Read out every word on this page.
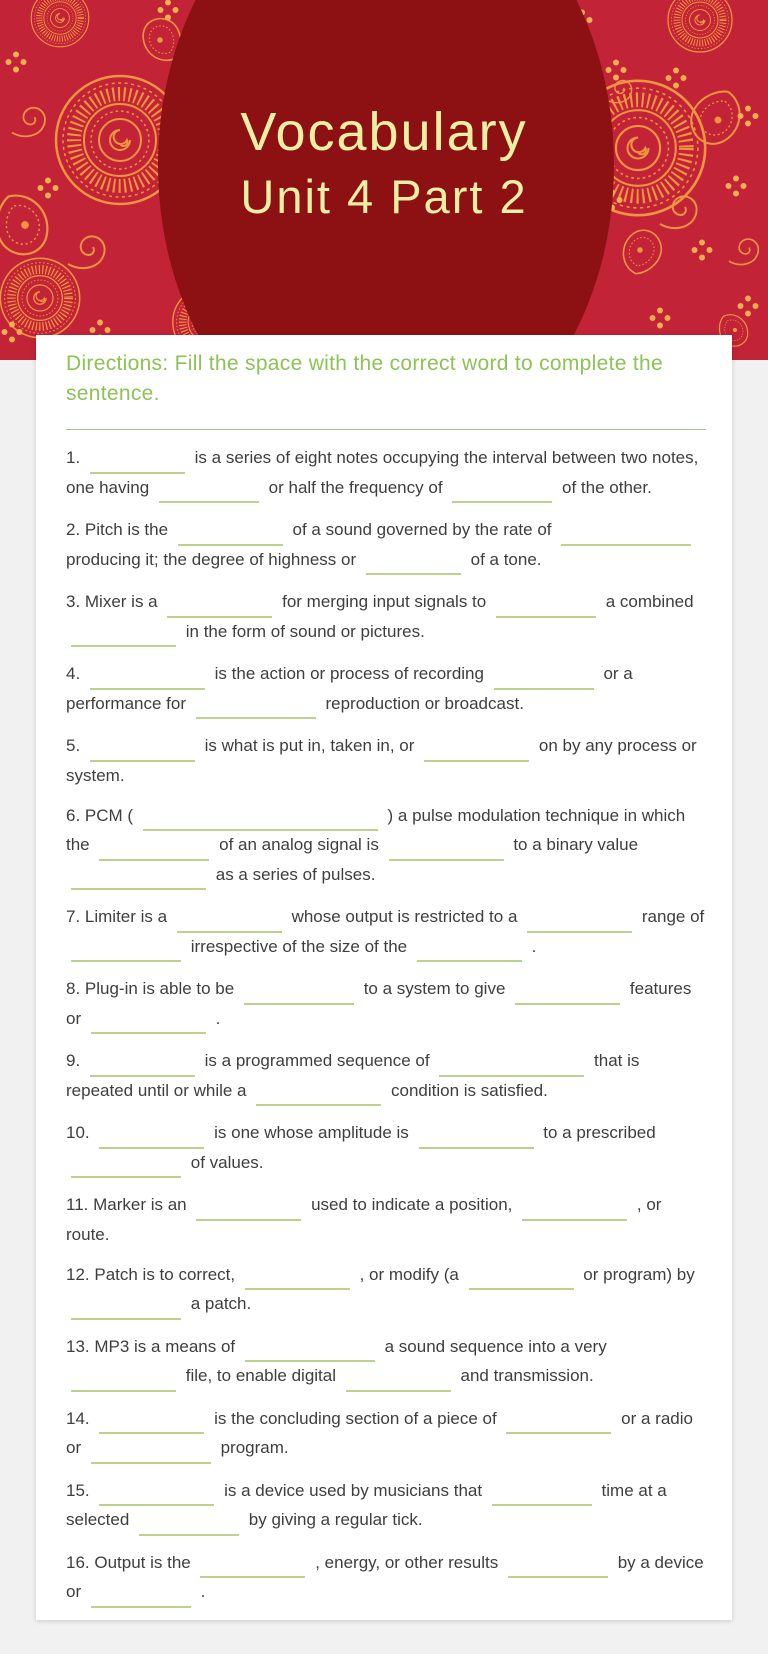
Vocabulary
Unit 4 Part 2

Directions: Fill the space with the correct word to complete the sentence.

1.	is a series of eight notes occupying the interval between two notes, one having	or half the frequency of	of the other.

2. Pitch is the	of a sound governed by the rate of  producing it; the degree of highness or	of a tone.

3. Mixer is a	for merging input signals to	a combined  in the form of sound or pictures.

4.	is the action or process of recording	or a performance for	reproduction or broadcast.

5.	is what is put in, taken in, or	on by any process or system.

6. PCM (	) a pulse modulation technique in which the	of an analog signal is	to a binary value  as a series of pulses.

7. Limiter is a	whose output is restricted to a	range of  irrespective of the size of the	.

8. Plug-in is able to be	to a system to give	features or	.

9.	is a programmed sequence of	that is repeated until or while a	condition is satisfied.

10.	is one whose amplitude is	to a prescribed  of values.

11. Marker is an	used to indicate a position,	, or route.

12. Patch is to correct,	, or modify (a	or program) by  a patch.

13. MP3 is a means of	a sound sequence into a very  file, to enable digital	and transmission.

14.	is the concluding section of a piece of	or a radio or	program.

15.	is a device used by musicians that	time at a selected	by giving a regular tick.

16. Output is the	, energy, or other results	by a device or	.
